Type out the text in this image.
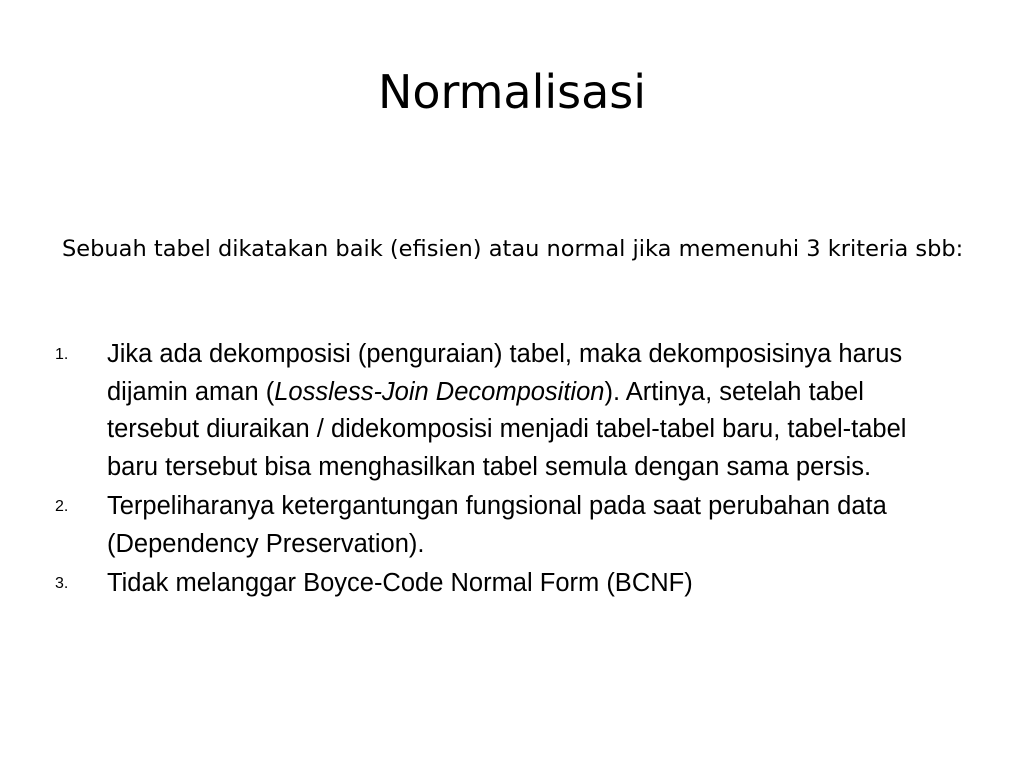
Normalisasi

Sebuah tabel dikatakan baik (efisien) atau normal jika memenuhi 3 kriteria sbb:

1. Jika ada dekomposisi (penguraian) tabel, maka dekomposisinya harus dijamin aman (Lossless-Join Decomposition). Artinya, setelah tabel tersebut diuraikan / didekomposisi menjadi tabel-tabel baru, tabel-tabel baru tersebut bisa menghasilkan tabel semula dengan sama persis.
2. Terpeliharanya ketergantungan fungsional pada saat perubahan data (Dependency Preservation).
3. Tidak melanggar Boyce-Code Normal Form (BCNF)
